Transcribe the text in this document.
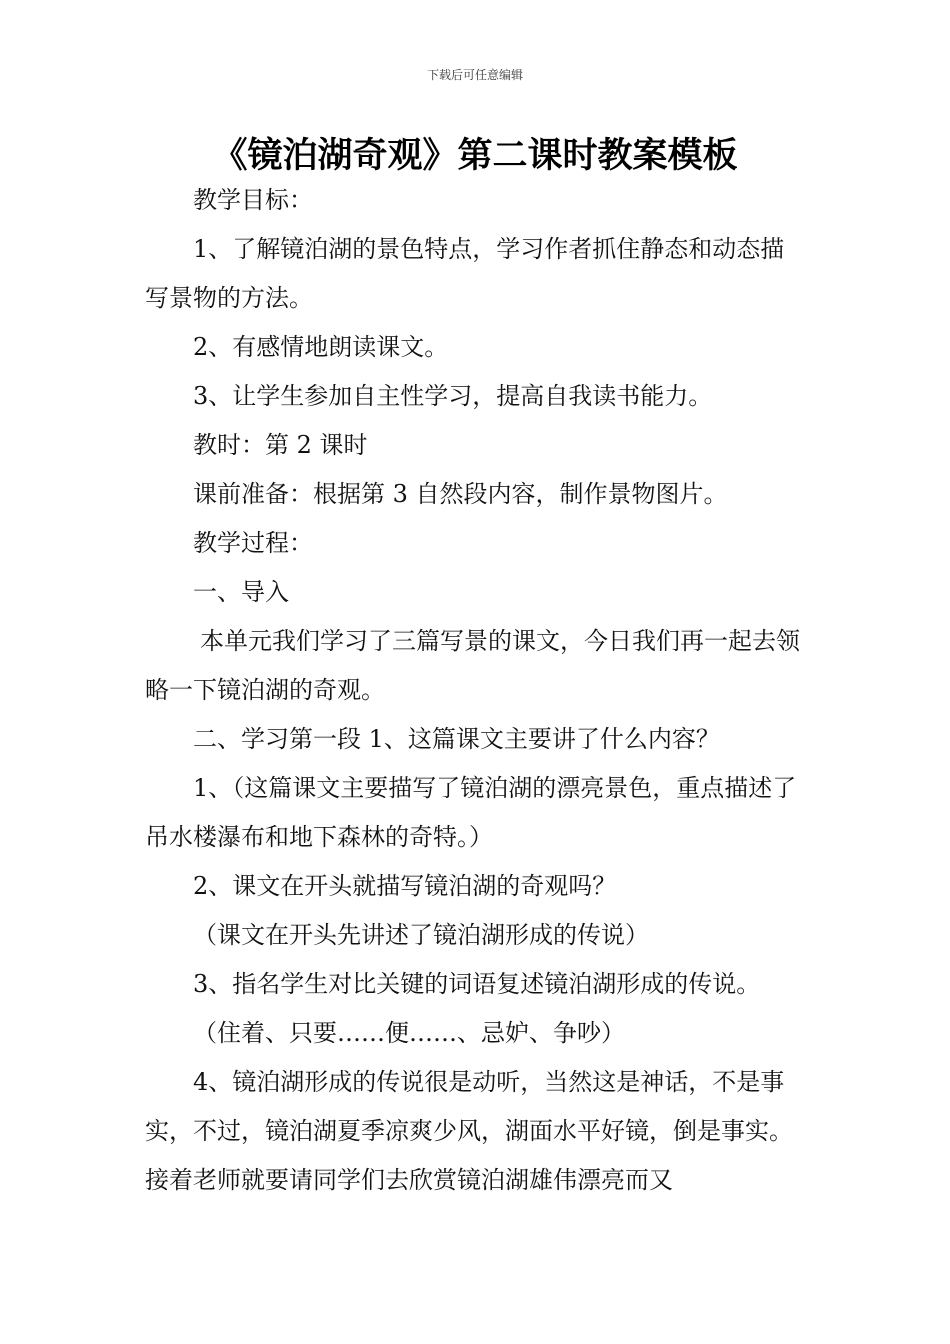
下载后可任意编辑
《镜泊湖奇观》第二课时教案模板

教学目标：

1、了解镜泊湖的景色特点，学习作者抓住静态和动态描写景物的方法。

2、有感情地朗读课文。

3、让学生参加自主性学习，提高自我读书能力。

教时：第 2 课时

课前准备：根据第 3 自然段内容，制作景物图片。

教学过程：

一、导入

本单元我们学习了三篇写景的课文，今日我们再一起去领略一下镜泊湖的奇观。

二、学习第一段 1、这篇课文主要讲了什么内容？

1、（这篇课文主要描写了镜泊湖的漂亮景色，重点描述了吊水楼瀑布和地下森林的奇特。）

2、课文在开头就描写镜泊湖的奇观吗？

（课文在开头先讲述了镜泊湖形成的传说）

3、指名学生对比关键的词语复述镜泊湖形成的传说。

（住着、只要……便……、忌妒、争吵）

4、镜泊湖形成的传说很是动听，当然这是神话，不是事实，不过，镜泊湖夏季凉爽少风，湖面水平好镜，倒是事实。接着老师就要请同学们去欣赏镜泊湖雄伟漂亮而又
